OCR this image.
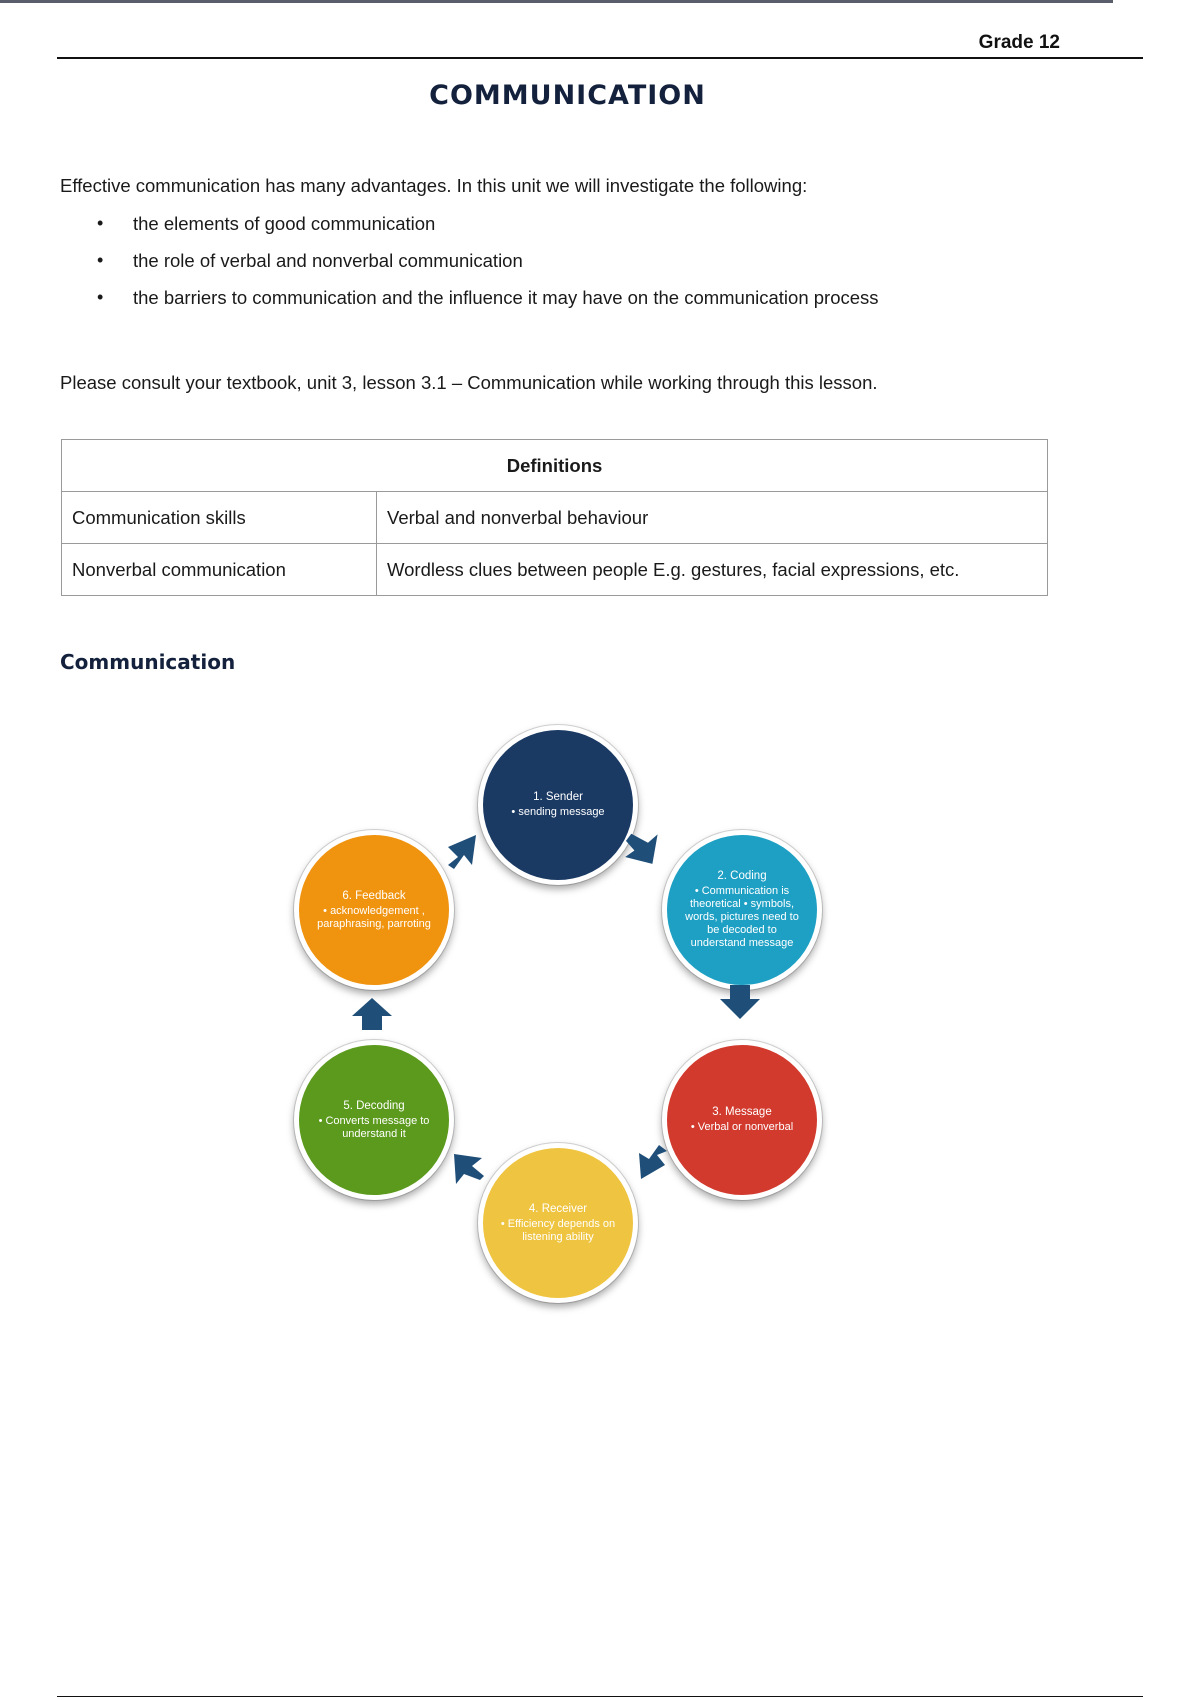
Grade 12
COMMUNICATION
Effective communication has many advantages. In this unit we will investigate the following:
• the elements of good communication
• the role of verbal and nonverbal communication
• the barriers to communication and the influence it may have on the communication process
Please consult your textbook, unit 3, lesson 3.1 – Communication while working through this lesson.
Definitions	
Communication skills	Verbal and nonverbal behaviour
Nonverbal communication	Wordless clues between people E.g. gestures, facial expressions, etc.
Communication
1. Sender
• sending message
2. Coding
• Communication is theoretical • symbols, words, pictures need to be decoded to understand message
3. Message
• Verbal or nonverbal
4. Receiver
• Efficiency depends on listening ability
5. Decoding
• Converts message to understand it
6. Feedback
• acknowledgement , paraphrasing, parroting
